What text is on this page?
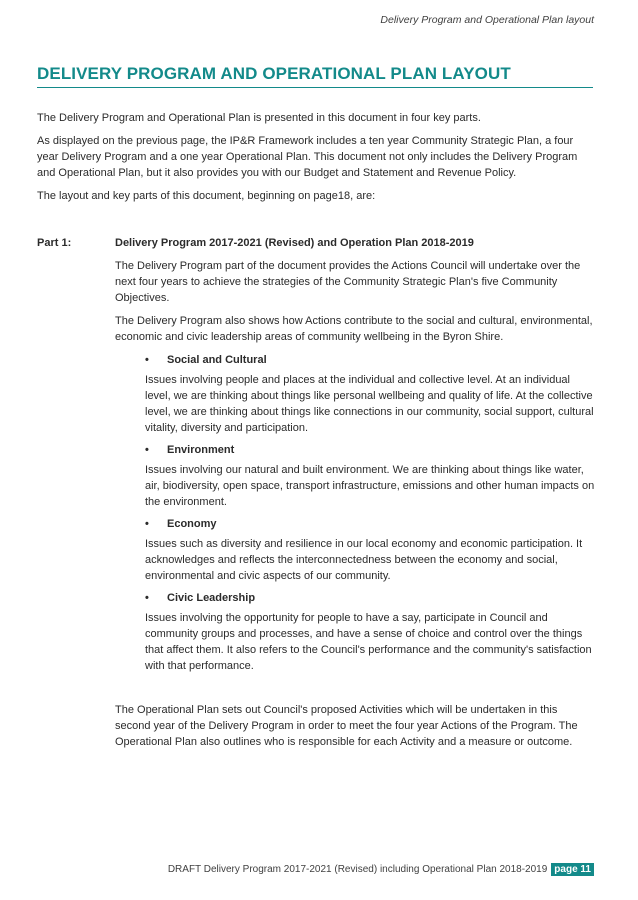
Delivery Program and Operational Plan layout
DELIVERY PROGRAM AND OPERATIONAL PLAN LAYOUT

The Delivery Program and Operational Plan is presented in this document in four key parts.

As displayed on the previous page, the IP&R Framework includes a ten year Community Strategic Plan, a four year Delivery Program and a one year Operational Plan. This document not only includes the Delivery Program and Operational Plan, but it also provides you with our Budget and Statement and Revenue Policy.

The layout and key parts of this document, beginning on page18, are:

Part 1:	Delivery Program 2017-2021 (Revised) and Operation Plan 2018-2019

The Delivery Program part of the document provides the Actions Council will undertake over the next four years to achieve the strategies of the Community Strategic Plan's five Community Objectives.

The Delivery Program also shows how Actions contribute to the social and cultural, environmental, economic and civic leadership areas of community wellbeing in the Byron Shire.

•	Social and Cultural

Issues involving people and places at the individual and collective level. At an individual level, we are thinking about things like personal wellbeing and quality of life. At the collective level, we are thinking about things like connections in our community, social support, cultural vitality, diversity and participation.

•	Environment

Issues involving our natural and built environment. We are thinking about things like water, air, biodiversity, open space, transport infrastructure, emissions and other human impacts on the environment.

•	Economy

Issues such as diversity and resilience in our local economy and economic participation. It acknowledges and reflects the interconnectedness between the economy and social, environmental and civic aspects of our community.

•	Civic Leadership

Issues involving the opportunity for people to have a say, participate in Council and community groups and processes, and have a sense of choice and control over the things that affect them. It also refers to the Council's performance and the community's satisfaction with that performance.

The Operational Plan sets out Council's proposed Activities which will be undertaken in this second year of the Delivery Program in order to meet the four year Actions of the Program. The Operational Plan also outlines who is responsible for each Activity and a measure or outcome.

DRAFT Delivery Program 2017-2021 (Revised) including Operational Plan 2018-2019 page 11
